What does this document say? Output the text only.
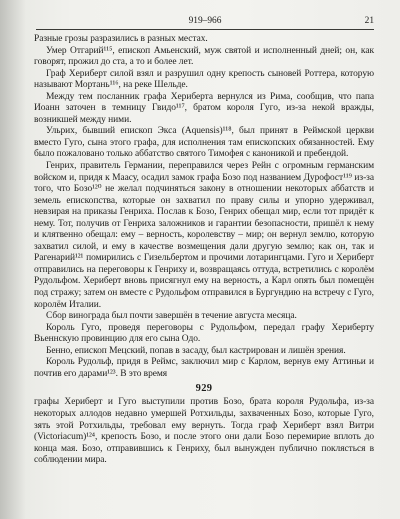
919–966	21

Разные грозы разразились в разных местах.

Умер Отгарий¹¹⁵, епископ Амьенский, муж святой и исполненный дней; он, как говорят, прожил до ста, а то и более лет.

Граф Хериберт силой взял и разрушил одну крепость сыновей Роттера, которую называют Мортань¹¹⁶, на реке Шельде.

Между тем посланник графа Хериберта вернулся из Рима, сообщив, что папа Иоанн заточен в темницу Гвидо¹¹⁷, братом короля Гуго, из-за некой вражды, возникшей между ними.

Ульрих, бывший епископ Экса (Aquensis)¹¹⁸, был принят в Реймской церкви вместо Гуго, сына этого графа, для исполнения там епископских обязанностей. Ему было пожаловано только аббатство святого Тимофея с каноникой и пребендой.

Генрих, правитель Германии, переправился через Рейн с огромным германским войском и, придя к Маасу, осадил замок графа Бозо под названием Дурофост¹¹⁹ из-за того, что Бозо¹²⁰ не желал подчиняться закону в отношении некоторых аббатств и земель епископства, которые он захватил по праву силы и упорно удерживал, невзирая на приказы Генриха. Послав к Бозо, Генрих обещал мир, если тот придёт к нему. Тот, получив от Генриха заложников и гарантии безопасности, пришёл к нему и клятвенно обещал: ему – верность, королевству – мир; он вернул землю, которую захватил силой, и ему в качестве возмещения дали другую землю; как он, так и Рагенарий¹²¹ помирились с Гизельбертом и прочими лотарингцами. Гуго и Хериберт отправились на переговоры к Генриху и, возвращаясь оттуда, встретились с королём Рудольфом. Хериберт вновь присягнул ему на верность, а Карл опять был помещён под стражу; затем он вместе с Рудольфом отправился в Бургундию на встречу с Гуго, королём Италии.

Сбор винограда был почти завершён в течение августа месяца.

Король Гуго, проведя переговоры с Рудольфом, передал графу Хериберту Вьеннскую провинцию для его сына Одо.

Бенно, епископ Мецский, попав в засаду, был кастрирован и лишён зрения.

Король Рудольф, придя в Реймс, заключил мир с Карлом, вернув ему Аттиньи и почтив его дарами¹²³. В это время

929

графы Хериберт и Гуго выступили против Бозо, брата короля Рудольфа, из-за некоторых аллодов недавно умершей Ротхильды, захваченных Бозо, которые Гуго, зять этой Ротхильды, требовал ему вернуть. Тогда граф Хериберт взял Витри (Victoriacum)¹²⁴, крепость Бозо, и после этого они дали Бозо перемирие вплоть до конца мая. Бозо, отправившись к Генриху, был вынужден публично поклясться в соблюдении мира.
